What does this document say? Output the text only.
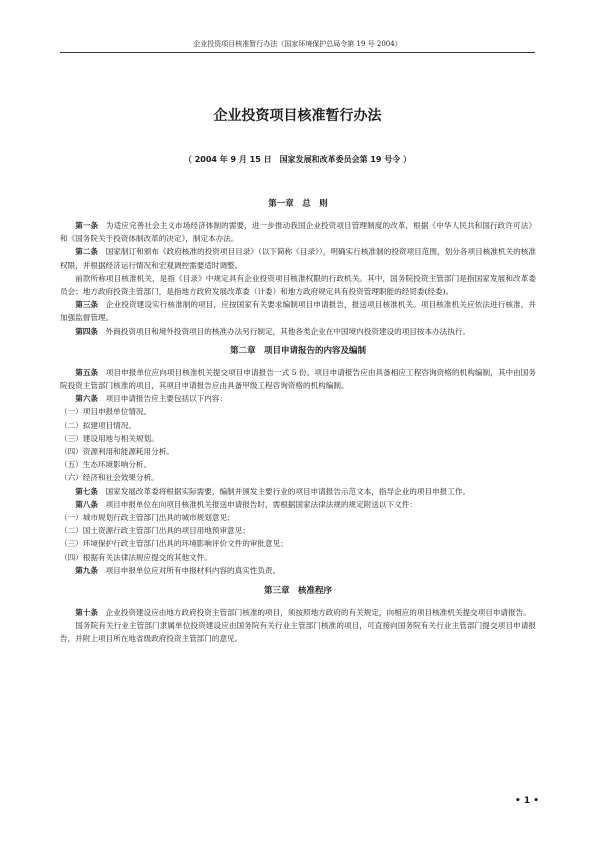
企业投资项目核准暂行办法（国家环境保护总局令第 19 号 2004）
企业投资项目核准暂行办法
（ 2004 年 9 月 15 日　国家发展和改革委员会第 19 号令 ）
第一章　总　则

第一条　为适应完善社会主义市场经济体制的需要，进一步推动我国企业投资项目管理制度的改革，根据《中华人民共和国行政许可法》和《国务院关于投资体制改革的决定》，制定本办法。

第二条　国家制订和颁布《政府核准的投资项目目录》（以下简称《目录》），明确实行核准制的投资项目范围，划分各项目核准机关的核准权限，并根据经济运行情况和宏观调控需要适时调整。

前款所称项目核准机关，是指《目录》中规定具有企业投资项目核准权限的行政机关。其中，国务院投资主管部门是指国家发展和改革委员会；地方政府投资主管部门，是指地方政府发展改革委（计委）和地方政府规定具有投资管理职能的经贸委(经委)。

第三条　企业投资建设实行核准制的项目，应按国家有关要求编制项目申请报告，报送项目核准机关。项目核准机关应依法进行核准，并加强监督管理。

第四条　外商投资项目和境外投资项目的核准办法另行制定，其他各类企业在中国境内投资建设的项目按本办法执行。

第二章　项目申请报告的内容及编制

第五条　项目申报单位应向项目核准机关提交项目申请报告一式 5 份。项目申请报告应由具备相应工程咨询资格的机构编制，其中由国务院投资主管部门核准的项目，其项目申请报告应由具备甲级工程咨询资格的机构编制。

第六条　项目申请报告应主要包括以下内容：

（一）项目申报单位情况。

（二）拟建项目情况。

（三）建设用地与相关规划。

（四）资源利用和能源耗用分析。

（五）生态环境影响分析。

（六）经济和社会效果分析。

第七条　国家发展改革委将根据实际需要，编制并颁发主要行业的项目申请报告示范文本，指导企业的项目申报工作。

第八条　项目申报单位在向项目核准机关报送申请报告时，需根据国家法律法规的规定附送以下文件：

（一）城市规划行政主管部门出具的城市规划意见；

（二）国土资源行政主管部门出具的项目用地预审意见；

（三）环境保护行政主管部门出具的环境影响评价文件的审批意见；

（四）根据有关法律法规应提交的其他文件。

第九条　项目申报单位应对所有申报材料内容的真实性负责。

第三章　核准程序

第十条　企业投资建设应由地方政府投资主管部门核准的项目，须按照地方政府的有关规定，向相应的项目核准机关提交项目申请报告。

国务院有关行业主管部门隶属单位投资建设应由国务院有关行业主管部门核准的项目，可直接向国务院有关行业主管部门提交项目申请报告，并附上项目所在地省级政府投资主管部门的意见。

• 1 •
